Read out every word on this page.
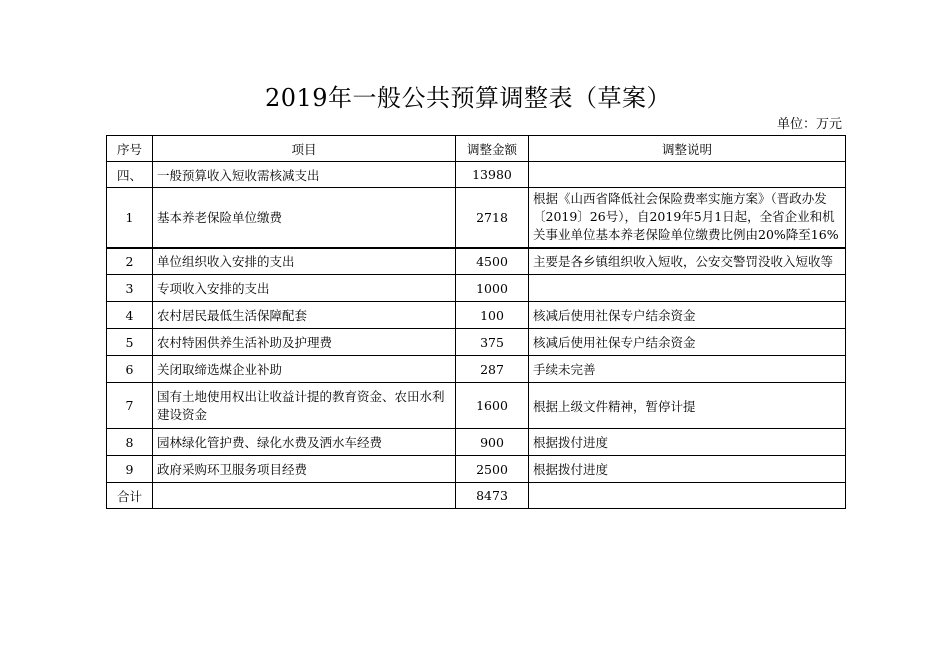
2019年一般公共预算调整表（草案）
单位：万元
序号	项目	调整金额	调整说明
四、	一般预算收入短收需核减支出	13980	
1	基本养老保险单位缴费	2718	根据《山西省降低社会保险费率实施方案》（晋政办发〔2019〕26号），自2019年5月1日起，全省企业和机关事业单位基本养老保险单位缴费比例由20%降至16%

2	单位组织收入安排的支出	4500	主要是各乡镇组织收入短收，公安交警罚没收入短收等
3	专项收入安排的支出	1000	
4	农村居民最低生活保障配套	100	核减后使用社保专户结余资金
5	农村特困供养生活补助及护理费	375	核减后使用社保专户结余资金
6	关闭取缔选煤企业补助	287	手续未完善
7	国有土地使用权出让收益计提的教育资金、农田水利建设资金	1600	根据上级文件精神，暂停计提
8	园林绿化管护费、绿化水费及洒水车经费	900	根据拨付进度
9	政府采购环卫服务项目经费	2500	根据拨付进度
合计		8473	
